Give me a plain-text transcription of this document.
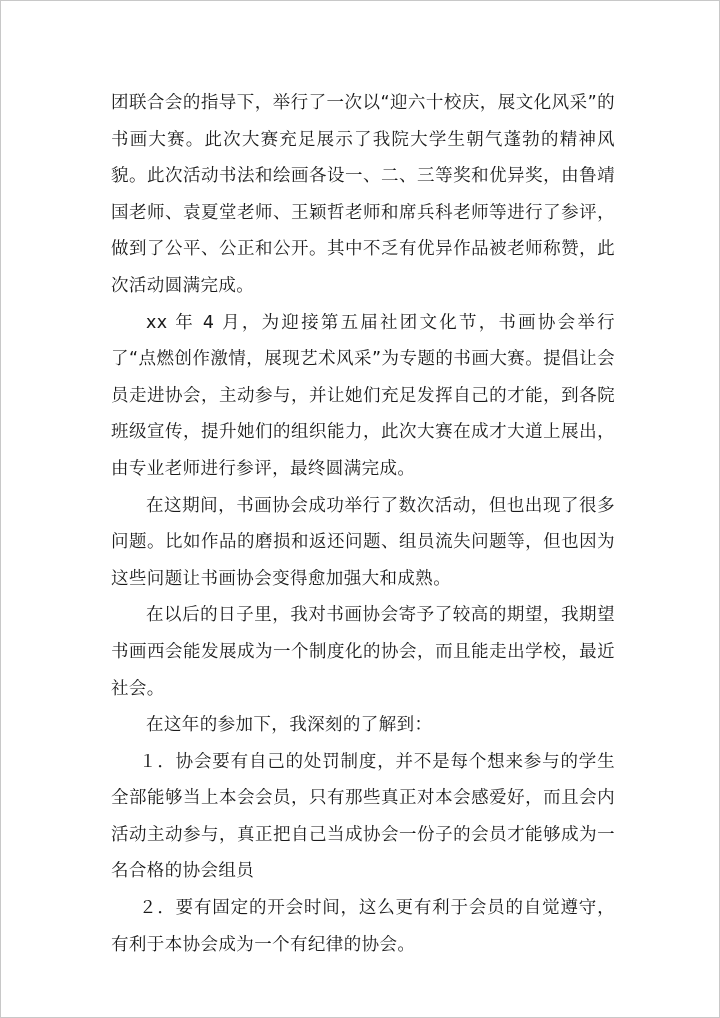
团联合会的指导下，举行了一次以“迎六十校庆，展文化风采”的书画大赛。此次大赛充足展示了我院大学生朝气蓬勃的精神风貌。此次活动书法和绘画各设一、二、三等奖和优异奖，由鲁靖国老师、袁夏堂老师、王颖哲老师和席兵科老师等进行了参评，做到了公平、公正和公开。其中不乏有优异作品被老师称赞，此次活动圆满完成。

xx 年 4 月，为迎接第五届社团文化节，书画协会举行了“点燃创作激情，展现艺术风采”为专题的书画大赛。提倡让会员走进协会，主动参与，并让她们充足发挥自己的才能，到各院班级宣传，提升她们的组织能力，此次大赛在成才大道上展出，由专业老师进行参评，最终圆满完成。

在这期间，书画协会成功举行了数次活动，但也出现了很多问题。比如作品的磨损和返还问题、组员流失问题等，但也因为这些问题让书画协会变得愈加强大和成熟。

在以后的日子里，我对书画协会寄予了较高的期望，我期望书画西会能发展成为一个制度化的协会，而且能走出学校，最近社会。

在这年的参加下，我深刻的了解到：

１．协会要有自己的处罚制度，并不是每个想来参与的学生全部能够当上本会会员，只有那些真正对本会感爱好，而且会内活动主动参与，真正把自己当成协会一份子的会员才能够成为一名合格的协会组员

２．要有固定的开会时间，这么更有利于会员的自觉遵守，有利于本协会成为一个有纪律的协会。
